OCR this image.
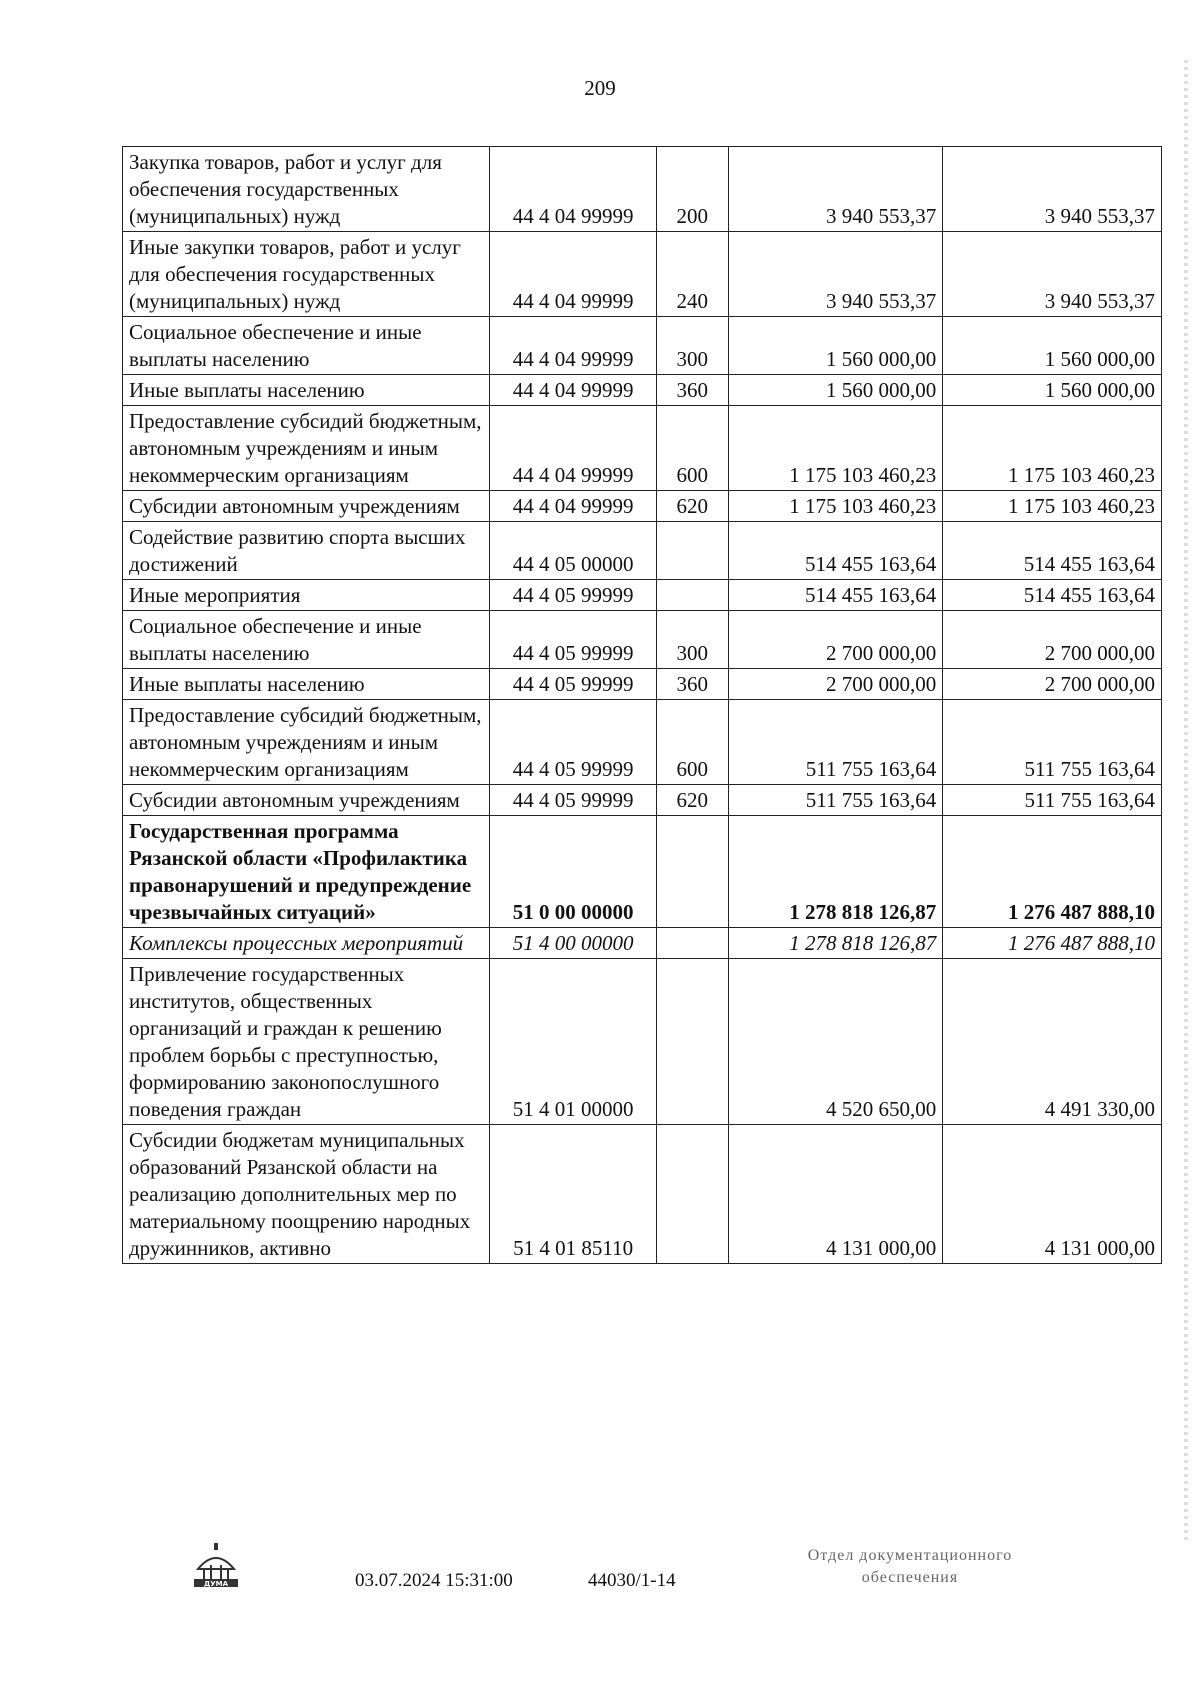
209
Закупка товаров, работ и услуг для обеспечения государственных (муниципальных) нужд	44 4 04 99999	200	3 940 553,37	3 940 553,37
Иные закупки товаров, работ и услуг для обеспечения государственных (муниципальных) нужд	44 4 04 99999	240	3 940 553,37	3 940 553,37
Социальное обеспечение и иные выплаты населению	44 4 04 99999	300	1 560 000,00	1 560 000,00
Иные выплаты населению	44 4 04 99999	360	1 560 000,00	1 560 000,00
Предоставление субсидий бюджетным, автономным учреждениям и иным некоммерческим организациям	44 4 04 99999	600	1 175 103 460,23	1 175 103 460,23
Субсидии автономным учреждениям	44 4 04 99999	620	1 175 103 460,23	1 175 103 460,23
Содействие развитию спорта высших достижений	44 4 05 00000		514 455 163,64	514 455 163,64
Иные мероприятия	44 4 05 99999		514 455 163,64	514 455 163,64
Социальное обеспечение и иные выплаты населению	44 4 05 99999	300	2 700 000,00	2 700 000,00
Иные выплаты населению	44 4 05 99999	360	2 700 000,00	2 700 000,00
Предоставление субсидий бюджетным, автономным учреждениям и иным некоммерческим организациям	44 4 05 99999	600	511 755 163,64	511 755 163,64
Субсидии автономным учреждениям	44 4 05 99999	620	511 755 163,64	511 755 163,64
Государственная программа Рязанской области «Профилактика правонарушений и предупреждение чрезвычайных ситуаций»	51 0 00 00000		1 278 818 126,87	1 276 487 888,10
Комплексы процессных мероприятий	51 4 00 00000		1 278 818 126,87	1 276 487 888,10
Привлечение государственных институтов, общественных организаций и граждан к решению проблем борьбы с преступностью, формированию законопослушного поведения граждан	51 4 01 00000		4 520 650,00	4 491 330,00
Субсидии бюджетам муниципальных образований Рязанской области на реализацию дополнительных мер по материальному поощрению народных дружинников, активно	51 4 01 85110		4 131 000,00	4 131 000,00
ДУМА	03.07.2024 15:31:00	44030/1-14
Отдел документационного
обеспечения
